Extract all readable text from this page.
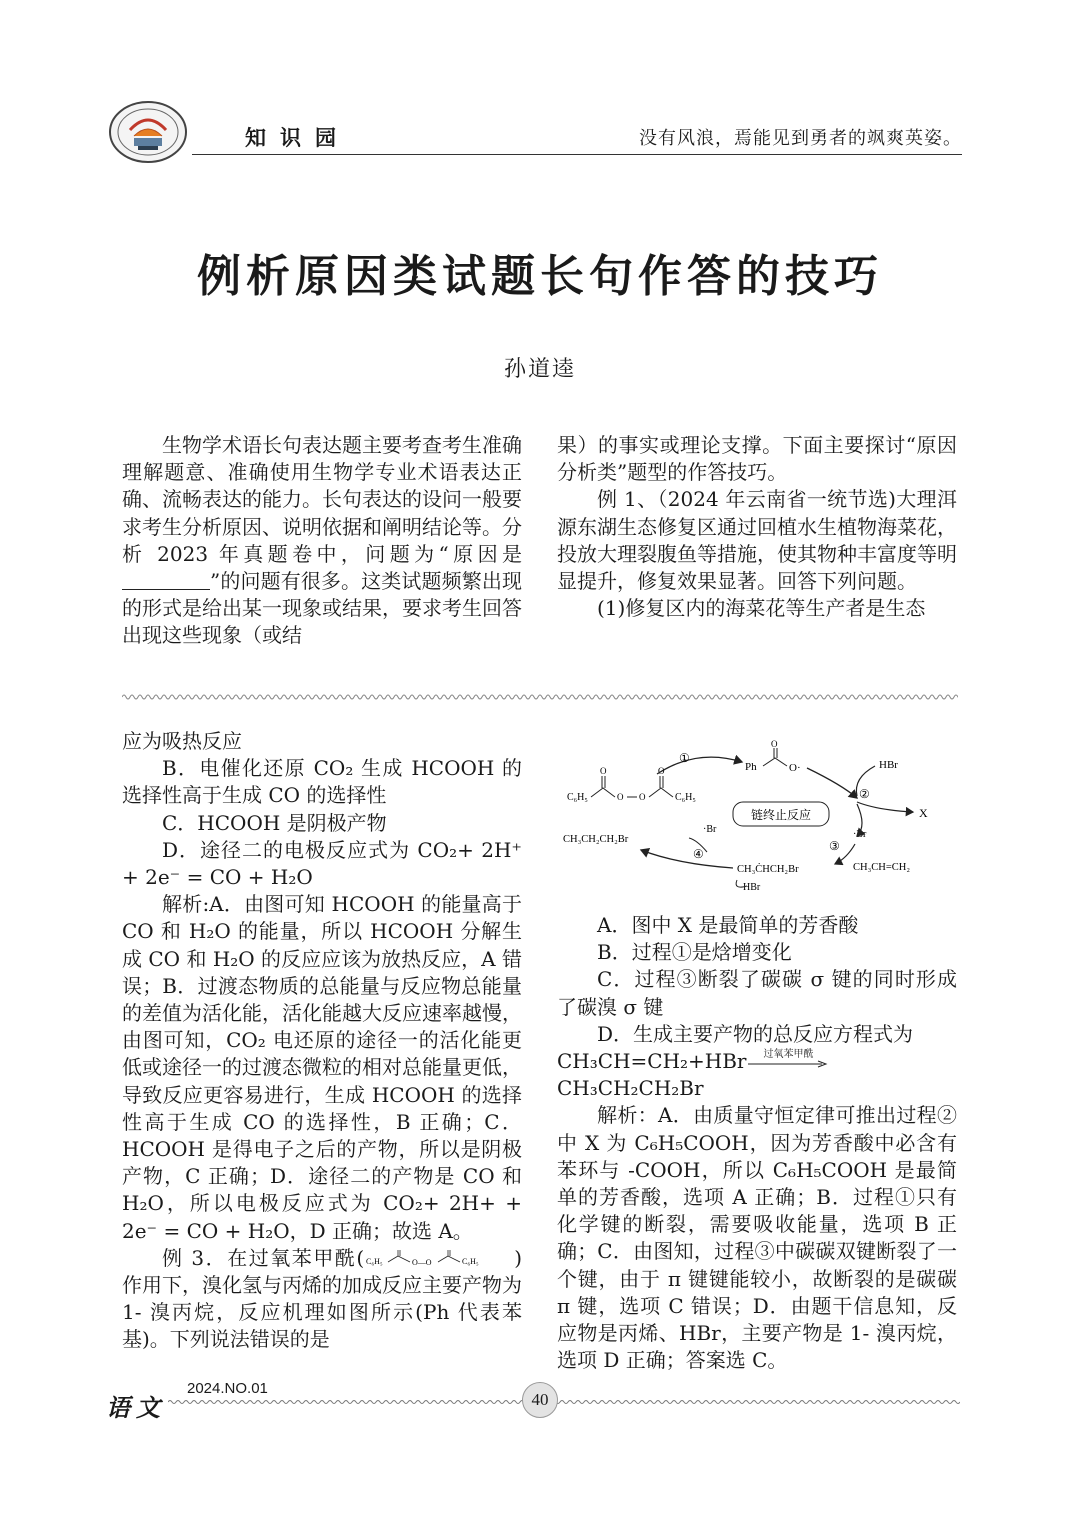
知识园	没有风浪，焉能见到勇者的飒爽英姿。
例析原因类试题长句作答的技巧
孙道逵

生物学术语长句表达题主要考查考生准确理解题意、准确使用生物学专业术语表达正确、流畅表达的能力。长句表达的设问一般要求考生分析原因、说明依据和阐明结论等。分析 2023 年真题卷中，问题为“原因是”的问题有很多。这类试题频繁出现的形式是给出某一现象或结果，要求考生回答出现这些现象（或结

果）的事实或理论支撑。下面主要探讨“原因分析类”题型的作答技巧。

例 1、（2024 年云南省一统节选)大理洱源东湖生态修复区通过回植水生植物海菜花，投放大理裂腹鱼等措施，使其物种丰富度等明显提升，修复效果显著。回答下列问题。

(1)修复区内的海菜花等生产者是生态

应为吸热反应

B．电催化还原 CO₂ 生成 HCOOH 的选择性高于生成 CO 的选择性

C．HCOOH 是阴极产物

D．途径二的电极反应式为 CO₂+ 2H⁺ + 2e⁻ = CO + H₂O

解析:A．由图可知 HCOOH 的能量高于 CO 和 H₂O 的能量，所以 HCOOH 分解生成 CO 和 H₂O 的反应应该为放热反应，A 错误；B．过渡态物质的总能量与反应物总能量的差值为活化能，活化能越大反应速率越慢，由图可知，CO₂ 电还原的途径一的活化能更低或途径一的过渡态微粒的相对总能量更低，导致反应更容易进行，生成 HCOOH 的选择性高于生成 CO 的选择性，B 正确；C．HCOOH 是得电子之后的产物，所以是阴极产物，C 正确；D．途径二的产物是 CO 和 H₂O，所以电极反应式为 CO₂+ 2H+ + 2e⁻ = CO + H₂O，D 正确；故选 A。

例 3．在过氧苯甲酰( C₆H₅	O—O	C₆H₅ )作用下，溴化氢与丙烯的加成反应主要产物为 1- 溴丙烷，反应机理如图所示(Ph 代表苯基)。下列说法错误的是

C₆H₅
O
O O
O
C₆H₅
①
Ph
O
O·	HBr
②
X
链终止反应
·Br	·Br
③
CH₃CH=CH₂
CH₃ĊHCH₂Br
HBr
④
CH₃CH₂CH₂Br

A．图中 X 是最简单的芳香酸

B．过程①是焓增变化

C．过程③断裂了碳碳 σ 键的同时形成了碳溴 σ 键

D．生成主要产物的总反应方程式为

CH₃CH=CH₂+HBr	过氧苯甲酰
CH₃CH₂CH₂Br

解析：A．由质量守恒定律可推出过程②中 X 为 C₆H₅COOH，因为芳香酸中必含有苯环与 -COOH，所以 C₆H₅COOH 是最简单的芳香酸，选项 A 正确；B．过程①只有化学键的断裂，需要吸收能量，选项 B 正确；C．由图知，过程③中碳碳双键断裂了一个键，由于 π 键键能较小，故断裂的是碳碳 π 键，选项 C 错误；D．由题干信息知，反应物是丙烯、HBr，主要产物是 1- 溴丙烷，选项 D 正确；答案选 C。

语文
2024.NO.01
40
